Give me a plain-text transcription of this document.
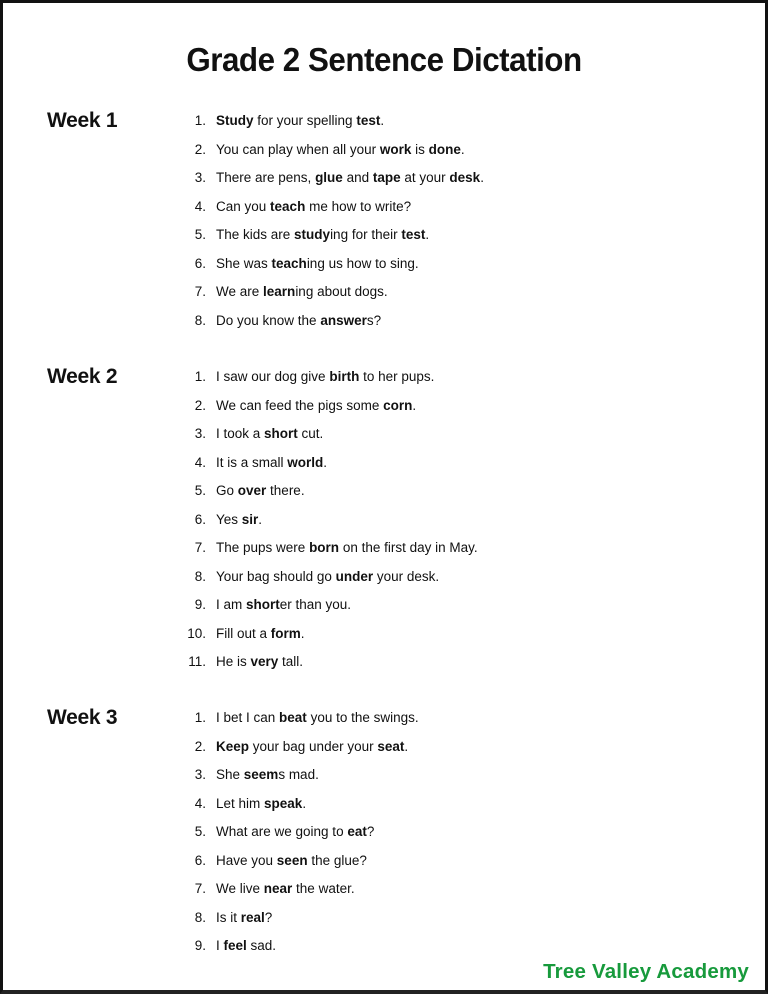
Grade 2 Sentence Dictation
Week 1	1. Study for your spelling test.
2. You can play when all your work is done.
3. There are pens, glue and tape at your desk.
4. Can you teach me how to write?
5. The kids are studying for their test.
6. She was teaching us how to sing.
7. We are learning about dogs.
8. Do you know the answers?
Week 2	1. I saw our dog give birth to her pups.
2. We can feed the pigs some corn.
3. I took a short cut.
4. It is a small world.
5. Go over there.
6. Yes sir.
7. The pups were born on the first day in May.
8. Your bag should go under your desk.
9. I am shorter than you.
10. Fill out a form.
11. He is very tall.
Week 3	1. I bet I can beat you to the swings.
2. Keep your bag under your seat.
3. She seems mad.
4. Let him speak.
5. What are we going to eat?
6. Have you seen the glue?
7. We live near the water.
8. Is it real?
9. I feel sad.
Tree Valley Academy
